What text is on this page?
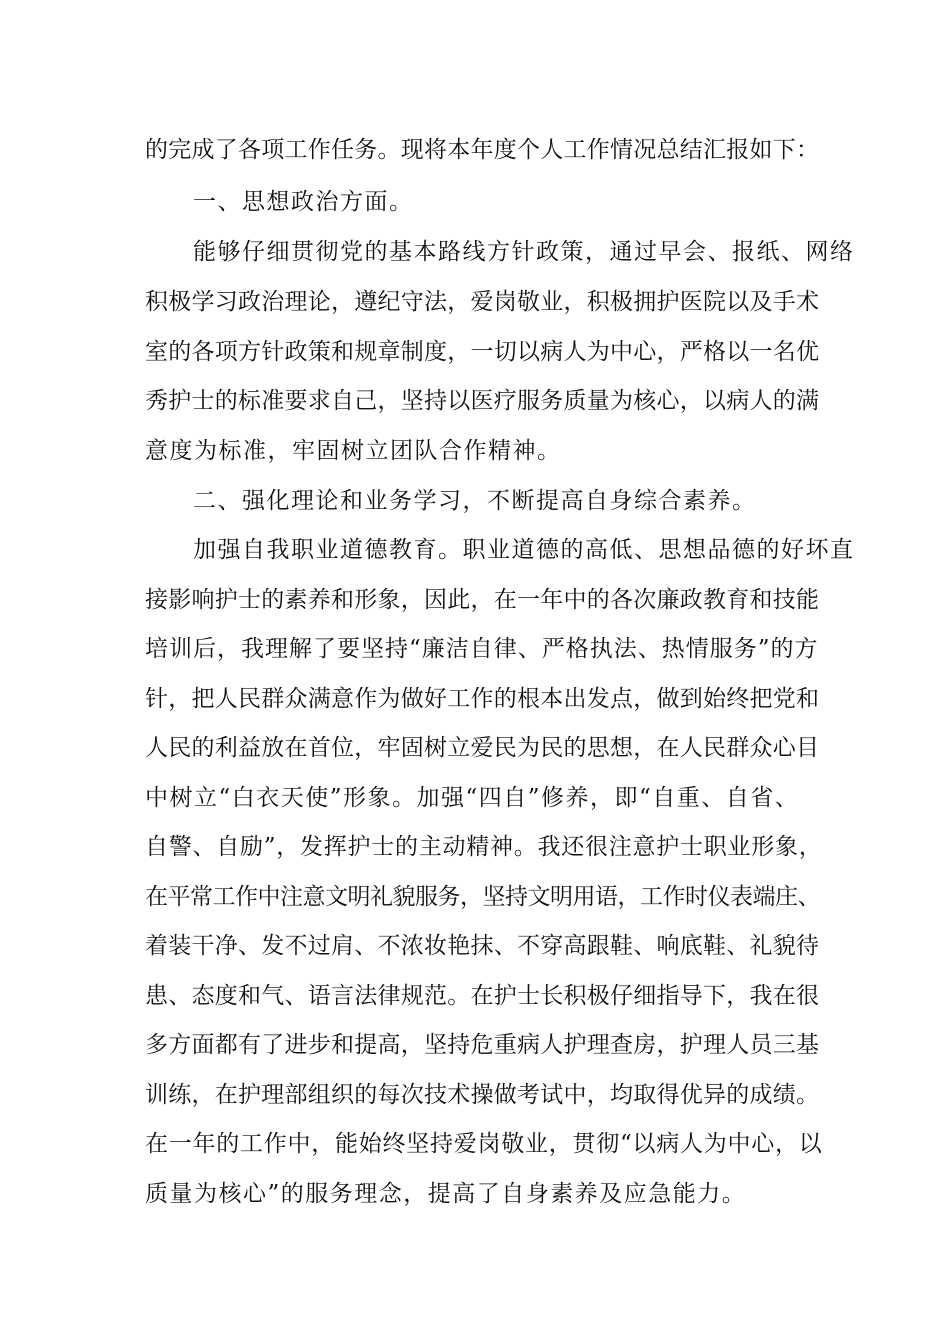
的完成了各项工作任务。现将本年度个人工作情况总结汇报如下：
一、思想政治方面。
能够仔细贯彻党的基本路线方针政策，通过早会、报纸、网络
积极学习政治理论，遵纪守法，爱岗敬业，积极拥护医院以及手术
室的各项方针政策和规章制度，一切以病人为中心，严格以一名优
秀护士的标准要求自己，坚持以医疗服务质量为核心，以病人的满
意度为标准，牢固树立团队合作精神。
二、强化理论和业务学习，不断提高自身综合素养。
加强自我职业道德教育。职业道德的高低、思想品德的好坏直
接影响护士的素养和形象，因此，在一年中的各次廉政教育和技能
培训后，我理解了要坚持“廉洁自律、严格执法、热情服务”的方
针，把人民群众满意作为做好工作的根本出发点，做到始终把党和
人民的利益放在首位，牢固树立爱民为民的思想，在人民群众心目
中树立“白衣天使”形象。加强“四自”修养，即“自重、自省、
自警、自励”，发挥护士的主动精神。我还很注意护士职业形象，
在平常工作中注意文明礼貌服务，坚持文明用语，工作时仪表端庄、
着装干净、发不过肩、不浓妆艳抹、不穿高跟鞋、响底鞋、礼貌待
患、态度和气、语言法律规范。在护士长积极仔细指导下，我在很
多方面都有了进步和提高，坚持危重病人护理查房，护理人员三基
训练，在护理部组织的每次技术操做考试中，均取得优异的成绩。
在一年的工作中，能始终坚持爱岗敬业，贯彻“以病人为中心，以
质量为核心”的服务理念，提高了自身素养及应急能力。
